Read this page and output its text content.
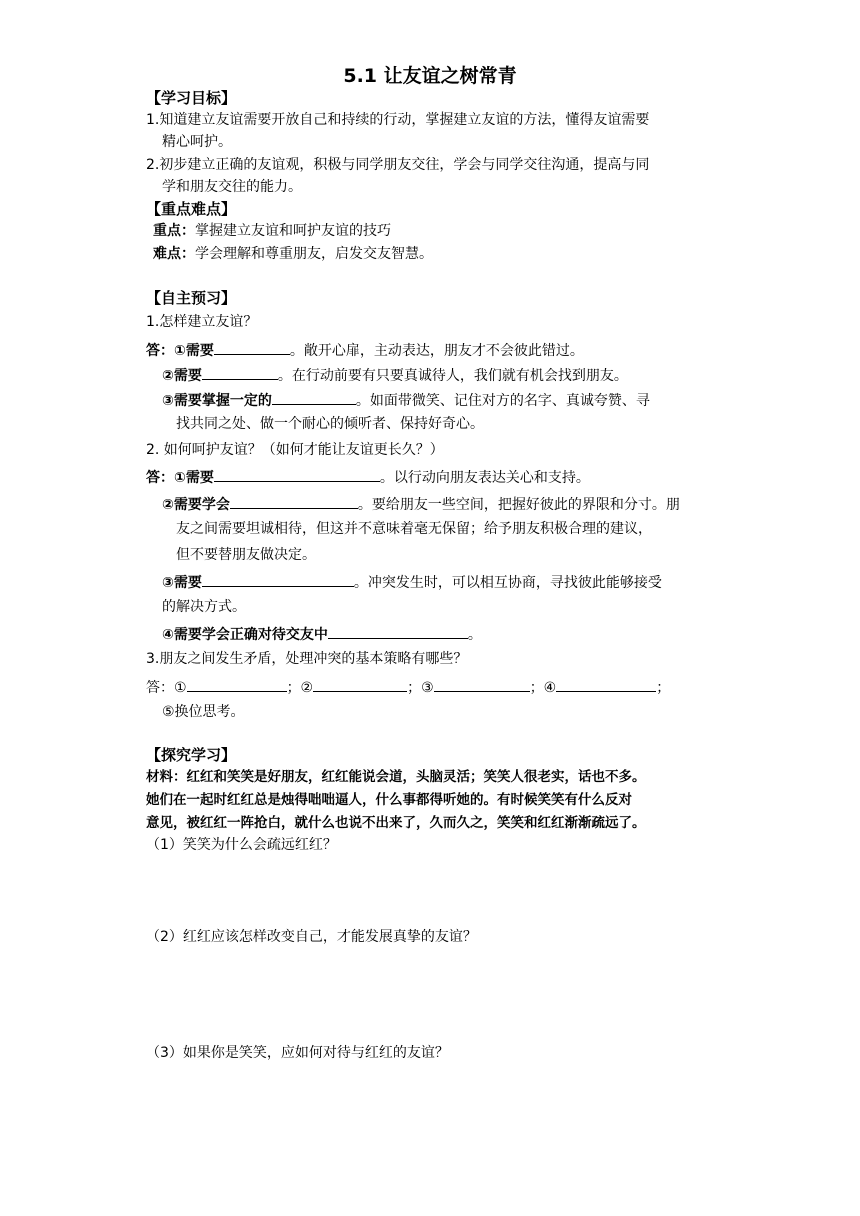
5.1 让友谊之树常青
【学习目标】
1.知道建立友谊需要开放自己和持续的行动，掌握建立友谊的方法，懂得友谊需要
精心呵护。
2.初步建立正确的友谊观，积极与同学朋友交往，学会与同学交往沟通，提高与同
学和朋友交往的能力。
【重点难点】
重点：掌握建立友谊和呵护友谊的技巧
难点：学会理解和尊重朋友，启发交友智慧。
【自主预习】
1.怎样建立友谊？
答：①需要	。敞开心扉，主动表达，朋友才不会彼此错过。
②需要	。在行动前要有只要真诚待人，我们就有机会找到朋友。
③需要掌握一定的	。如面带微笑、记住对方的名字、真诚夸赞、寻
找共同之处、做一个耐心的倾听者、保持好奇心。
2. 如何呵护友谊？（如何才能让友谊更长久？）
答：①需要	。以行动向朋友表达关心和支持。
②需要学会	。要给朋友一些空间，把握好彼此的界限和分寸。朋
友之间需要坦诚相待，但这并不意味着毫无保留；给予朋友积极合理的建议，
但不要替朋友做决定。
③需要	。冲突发生时，可以相互协商，寻找彼此能够接受
的解决方式。
④需要学会正确对待交友中	。
3.朋友之间发生矛盾，处理冲突的基本策略有哪些？
答：①	；②	；③	；④	；
⑤换位思考。
【探究学习】
材料：红红和笑笑是好朋友，红红能说会道，头脑灵活；笑笑人很老实，话也不多。
她们在一起时红红总是烛得咄咄逼人，什么事都得听她的。有时候笑笑有什么反对
意见，被红红一阵抢白，就什么也说不出来了，久而久之，笑笑和红红渐渐疏远了。
（1）笑笑为什么会疏远红红？
（2）红红应该怎样改变自己，才能发展真挚的友谊？
（3）如果你是笑笑，应如何对待与红红的友谊？
